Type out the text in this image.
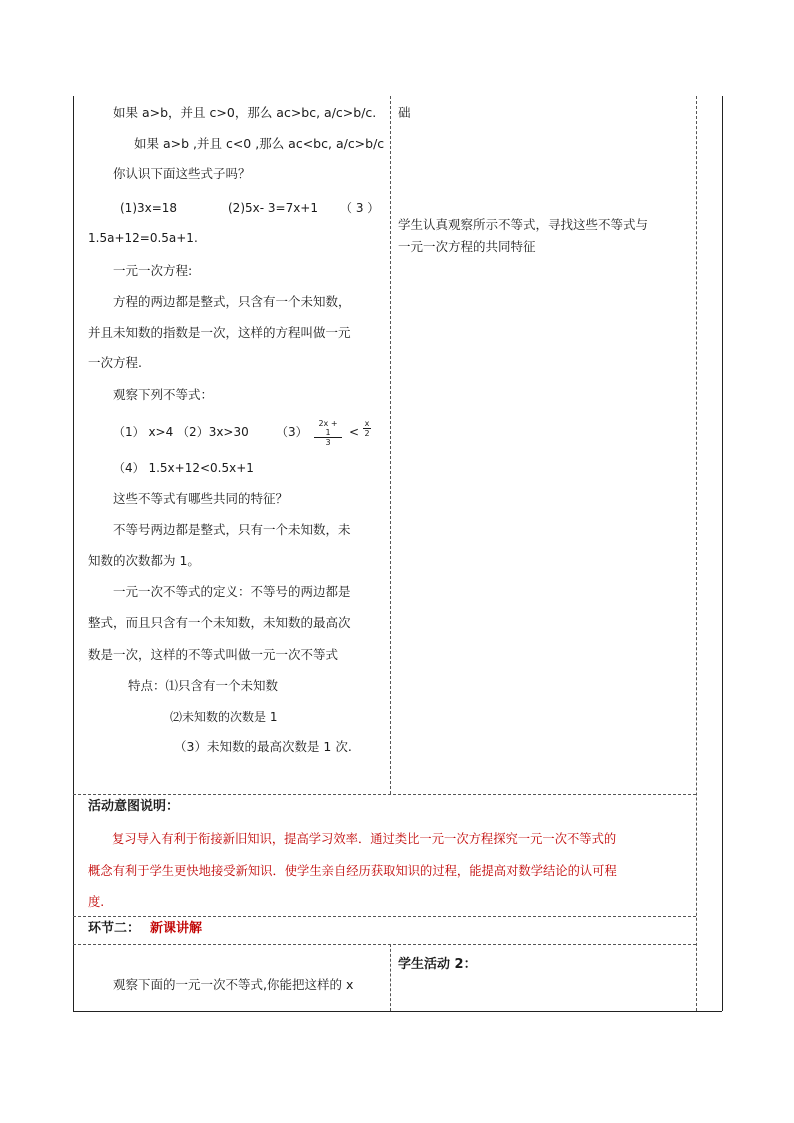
如果 a>b，并且 c>0，那么 ac>bc, a/c>b/c.
如果 a>b ,并且 c<0 ,那么 ac<bc, a/c>b/c
你认识下面这些式子吗？
(1)3x=18	(2)5x- 3=7x+1 （ 3 ）
1.5a+12=0.5a+1.
一元一次方程:
方程的两边都是整式，只含有一个未知数，
并且未知数的指数是一次，这样的方程叫做一元
一次方程.
观察下列不等式：
（1） x>4 （2）3x>30 $(3) \frac{2x + 1}{3} < \frac{x}{2}$
（4） 1.5x+12<0.5x+1
这些不等式有哪些共同的特征？
不等号两边都是整式，只有一个未知数，未
知数的次数都为 1。
一元一次不等式的定义：不等号的两边都是
整式，而且只含有一个未知数，未知数的最高次
数是一次，这样的不等式叫做一元一次不等式
特点：⑴只含有一个未知数
⑵未知数的次数是 1
（3）未知数的最高次数是 1 次.
础
学生认真观察所示不等式，寻找这些不等式与
一元一次方程的共同特征
活动意图说明：
复习导入有利于衔接新旧知识，提高学习效率．通过类比一元一次方程探究一元一次不等式的
概念有利于学生更快地接受新知识．使学生亲自经历获取知识的过程，能提高对数学结论的认可程
度.
环节二： 新课讲解
观察下面的一元一次不等式,你能把这样的 x
学生活动 2：
